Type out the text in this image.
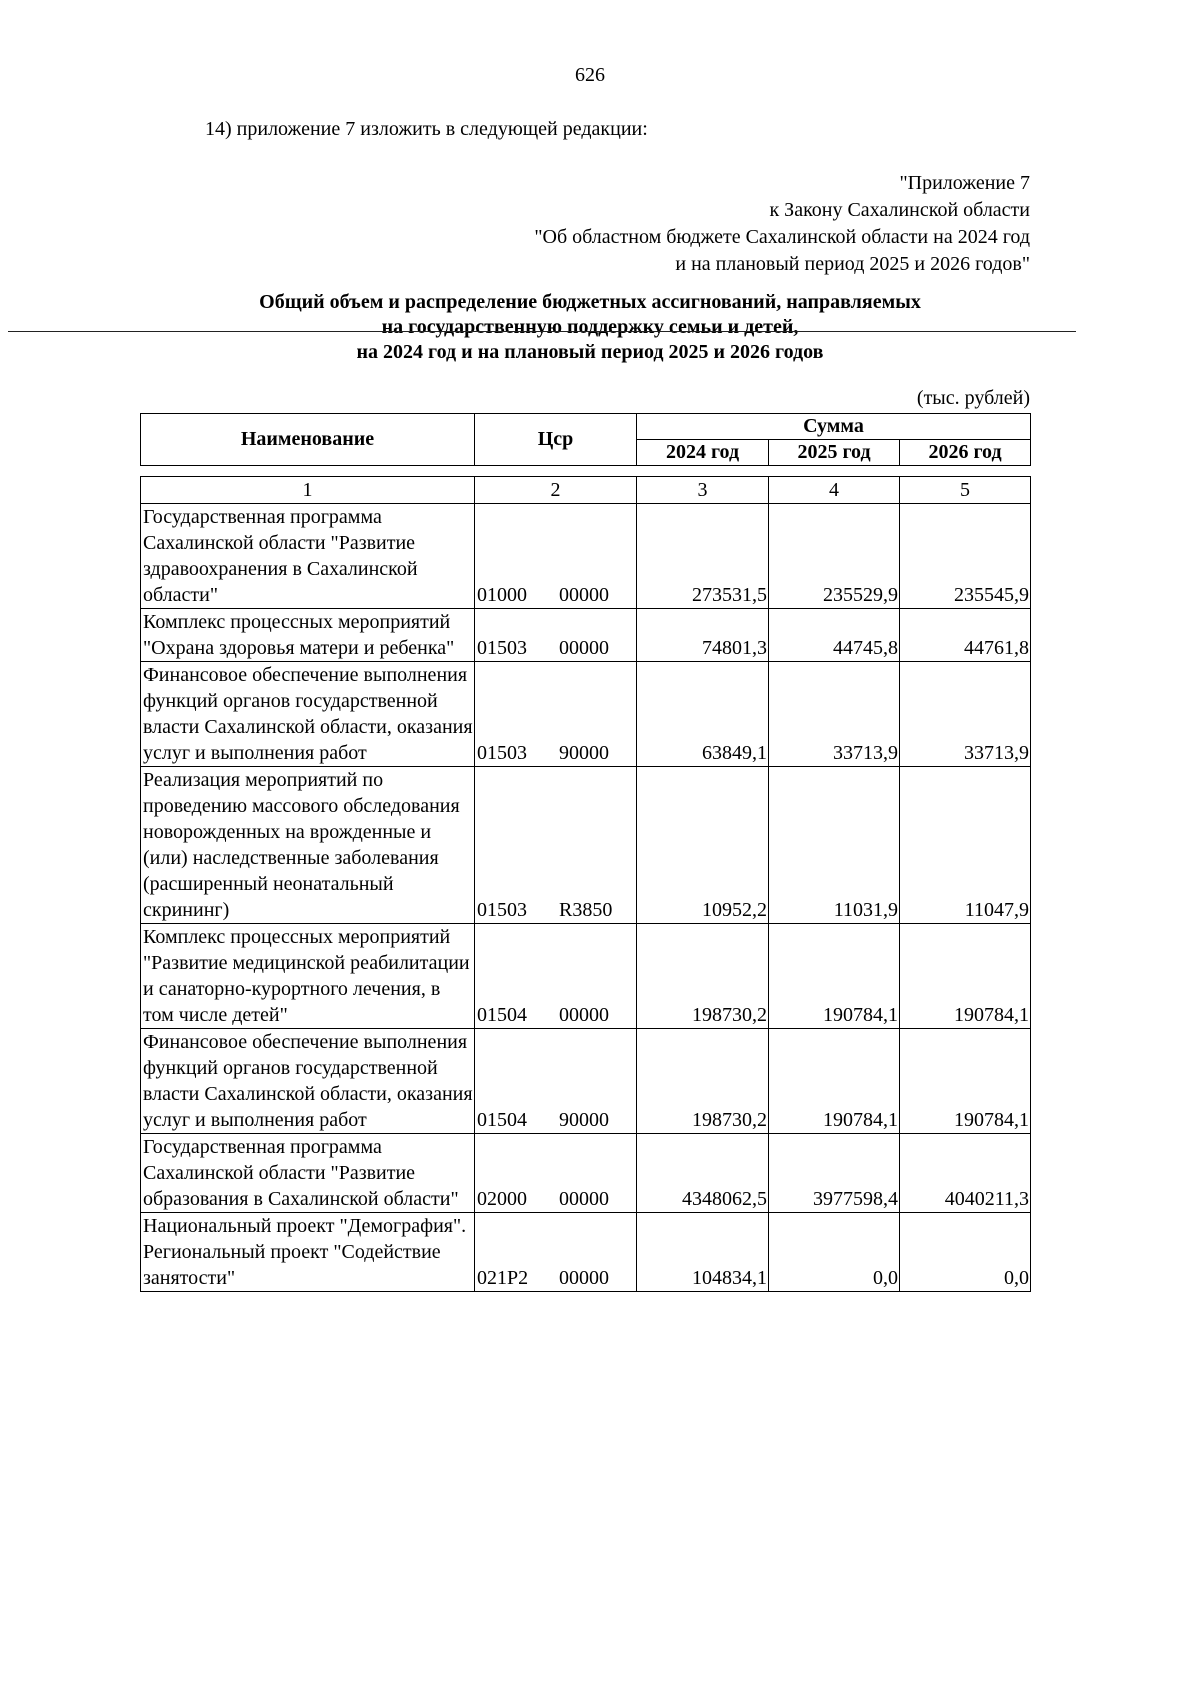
626
14) приложение 7 изложить в следующей редакции:
"Приложение 7
к Закону Сахалинской области
"Об областном бюджете Сахалинской области на 2024 год
и на плановый период 2025 и 2026 годов"
Общий объем и распределение бюджетных ассигнований, направляемых
на государственную поддержку семьи и детей,
на 2024 год и на плановый период 2025 и 2026 годов
(тыс. рублей)
Наименование	Цср	Сумма		
		2024 год	2025 год	2026 год
1	2	3	4	5
Государственная программа Сахалинской области "Развитие здравоохранения в Сахалинской области"	01000 00000	273531,5	235529,9	235545,9
Комплекс процессных мероприятий "Охрана здоровья матери и ребенка"	01503 00000	74801,3	44745,8	44761,8
Финансовое обеспечение выполнения функций органов государственной власти Сахалинской области, оказания услуг и выполнения работ	01503 90000	63849,1	33713,9	33713,9
Реализация мероприятий по проведению массового обследования новорожденных на врожденные и (или) наследственные заболевания (расширенный неонатальный скрининг)	01503 R3850	10952,2	11031,9	11047,9
Комплекс процессных мероприятий "Развитие медицинской реабилитации и санаторно-курортного лечения, в том числе детей"	01504 00000	198730,2	190784,1	190784,1
Финансовое обеспечение выполнения функций органов государственной власти Сахалинской области, оказания услуг и выполнения работ	01504 90000	198730,2	190784,1	190784,1
Государственная программа Сахалинской области "Развитие образования в Сахалинской области"	02000 00000	4348062,5	3977598,4	4040211,3
Национальный проект "Демография". Региональный проект "Содействие занятости"	021P2 00000	104834,1	0,0	0,0
